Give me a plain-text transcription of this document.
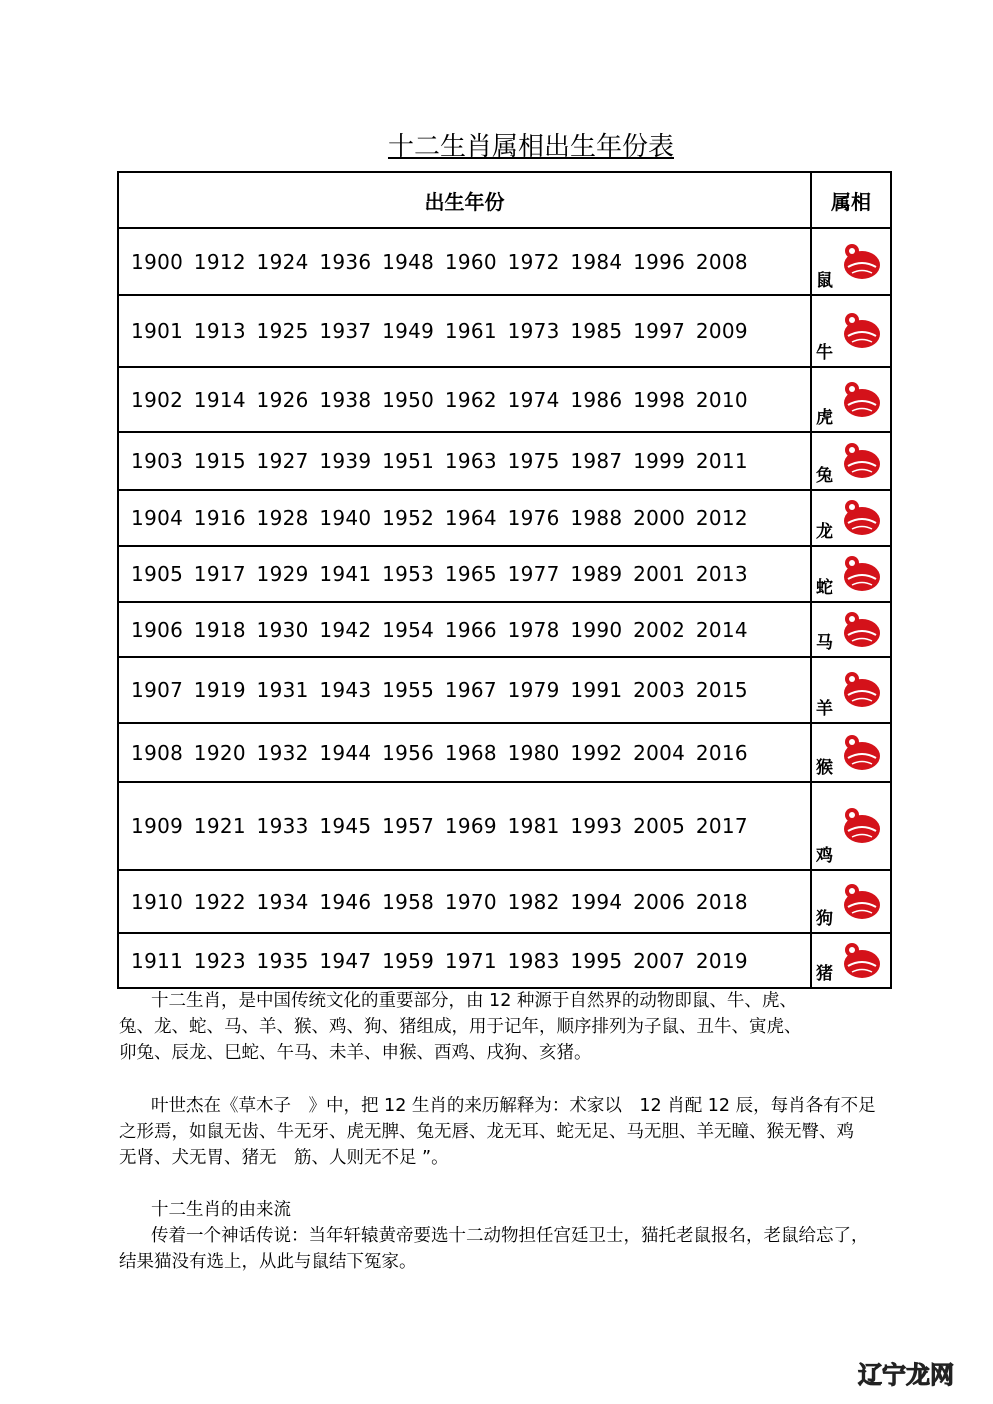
十二生肖属相出生年份表
出生年份	属相
1900 1912 1924 1936 1948 1960 1972 1984 1996 2008	鼠

1901 1913 1925 1937 1949 1961 1973 1985 1997 2009	牛

1902 1914 1926 1938 1950 1962 1974 1986 1998 2010	虎

1903 1915 1927 1939 1951 1963 1975 1987 1999 2011	兔

1904 1916 1928 1940 1952 1964 1976 1988 2000 2012	龙

1905 1917 1929 1941 1953 1965 1977 1989 2001 2013	蛇

1906 1918 1930 1942 1954 1966 1978 1990 2002 2014	马

1907 1919 1931 1943 1955 1967 1979 1991 2003 2015	羊

1908 1920 1932 1944 1956 1968 1980 1992 2004 2016	猴

1909 1921 1933 1945 1957 1969 1981 1993 2005 2017	鸡

1910 1922 1934 1946 1958 1970 1982 1994 2006 2018	狗

1911 1923 1935 1947 1959 1971 1983 1995 2007 2019	猪
十二生肖，是中国传统文化的重要部分，由 12 种源于自然界的动物即鼠、牛、虎、
兔、龙、蛇、马、羊、猴、鸡、狗、猪组成，用于记年，顺序排列为子鼠、丑牛、寅虎、
卯兔、辰龙、巳蛇、午马、未羊、申猴、酉鸡、戌狗、亥猪。
叶世杰在《草木子　》中，把 12 生肖的来历解释为：术家以　12 肖配 12 辰，每肖各有不足
之形焉，如鼠无齿、牛无牙、虎无脾、兔无唇、龙无耳、蛇无足、马无胆、羊无瞳、猴无臀、鸡
无肾、犬无胃、猪无　筋、人则无不足 ”。
十二生肖的由来流
传着一个神话传说：当年轩辕黄帝要选十二动物担任宫廷卫士，猫托老鼠报名，老鼠给忘了，
结果猫没有选上，从此与鼠结下冤家。
辽宁龙网
